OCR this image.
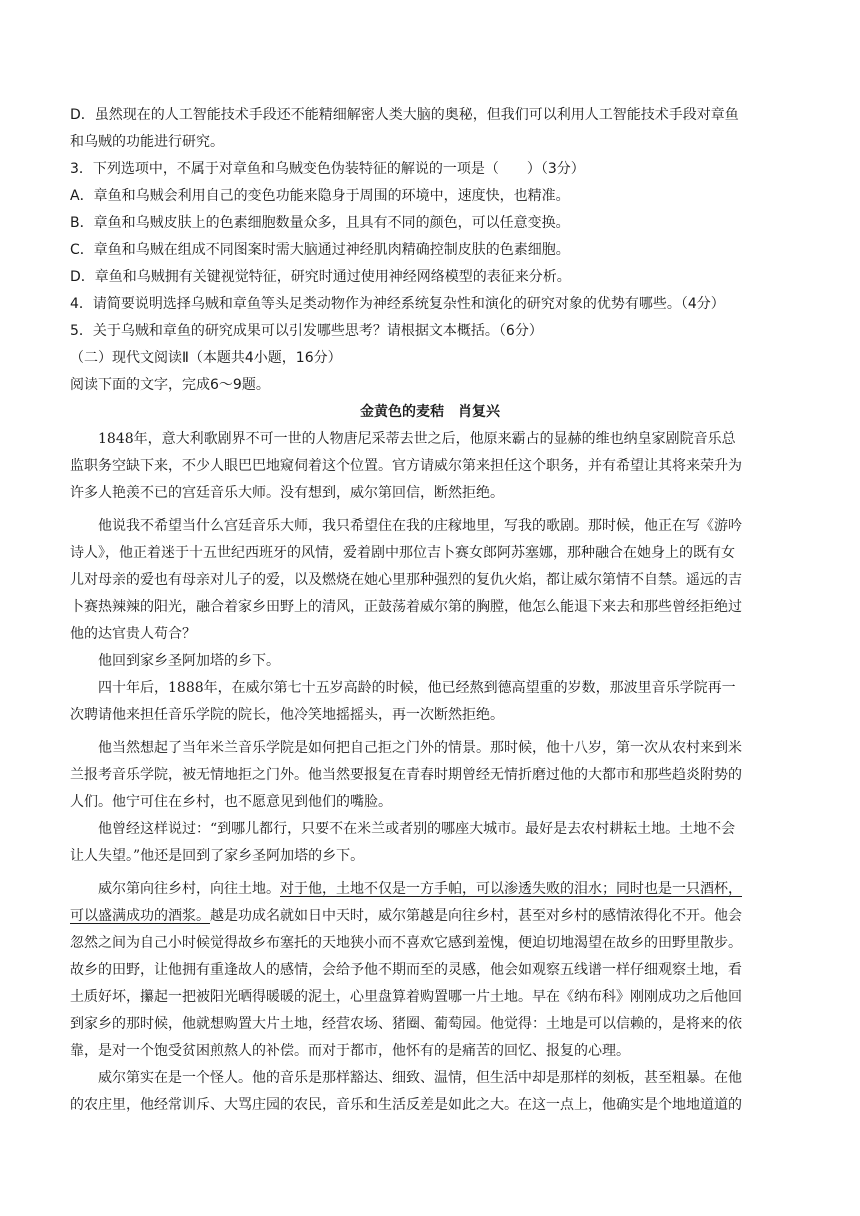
D．虽然现在的人工智能技术手段还不能精细解密人类大脑的奥秘，但我们可以利用人工智能技术手段对章鱼
和乌贼的功能进行研究。
3．下列选项中，不属于对章鱼和乌贼变色伪装特征的解说的一项是（　　）（3分）
A．章鱼和乌贼会利用自己的变色功能来隐身于周围的环境中，速度快，也精准。
B．章鱼和乌贼皮肤上的色素细胞数量众多，且具有不同的颜色，可以任意变换。
C．章鱼和乌贼在组成不同图案时需大脑通过神经肌肉精确控制皮肤的色素细胞。
D．章鱼和乌贼拥有关键视觉特征，研究时通过使用神经网络模型的表征来分析。
4．请简要说明选择乌贼和章鱼等头足类动物作为神经系统复杂性和演化的研究对象的优势有哪些。（4分）
5．关于乌贼和章鱼的研究成果可以引发哪些思考？请根据文本概括。（6分）
（二）现代文阅读Ⅱ（本题共4小题，16分）
阅读下面的文字，完成6～9题。
金黄色的麦秸　肖复兴
1848年，意大利歌剧界不可一世的人物唐尼采蒂去世之后，他原来霸占的显赫的维也纳皇家剧院音乐总
监职务空缺下来，不少人眼巴巴地窥伺着这个位置。官方请威尔第来担任这个职务，并有希望让其将来荣升为
许多人艳羡不已的宫廷音乐大师。没有想到，威尔第回信，断然拒绝。
他说我不希望当什么宫廷音乐大师，我只希望住在我的庄稼地里，写我的歌剧。那时候，他正在写《游吟
诗人》，他正着迷于十五世纪西班牙的风情，爱着剧中那位吉卜赛女郎阿苏塞娜，那种融合在她身上的既有女
儿对母亲的爱也有母亲对儿子的爱，以及燃烧在她心里那种强烈的复仇火焰，都让威尔第情不自禁。遥远的吉
卜赛热辣辣的阳光，融合着家乡田野上的清风，正鼓荡着威尔第的胸膛，他怎么能退下来去和那些曾经拒绝过
他的达官贵人苟合？
他回到家乡圣阿加塔的乡下。
四十年后，1888年，在威尔第七十五岁高龄的时候，他已经熬到德高望重的岁数，那波里音乐学院再一
次聘请他来担任音乐学院的院长，他冷笑地摇摇头，再一次断然拒绝。
他当然想起了当年米兰音乐学院是如何把自己拒之门外的情景。那时候，他十八岁，第一次从农村来到米
兰报考音乐学院，被无情地拒之门外。他当然要报复在青春时期曾经无情折磨过他的大都市和那些趋炎附势的
人们。他宁可住在乡村，也不愿意见到他们的嘴脸。
他曾经这样说过：“到哪儿都行，只要不在米兰或者别的哪座大城市。最好是去农村耕耘土地。土地不会
让人失望。”他还是回到了家乡圣阿加塔的乡下。
威尔第向往乡村，向往土地。对于他，土地不仅是一方手帕，可以渗透失败的泪水；同时也是一只酒杯，
可以盛满成功的酒浆。越是功成名就如日中天时，威尔第越是向往乡村，甚至对乡村的感情浓得化不开。他会
忽然之间为自己小时候觉得故乡布塞托的天地狭小而不喜欢它感到羞愧，便迫切地渴望在故乡的田野里散步。
故乡的田野，让他拥有重逢故人的感情，会给予他不期而至的灵感，他会如观察五线谱一样仔细观察土地，看
土质好坏，攥起一把被阳光晒得暖暖的泥土，心里盘算着购置哪一片土地。早在《纳布科》刚刚成功之后他回
到家乡的那时候，他就想购置大片土地，经营农场、猪圈、葡萄园。他觉得：土地是可以信赖的，是将来的依
靠，是对一个饱受贫困煎熬人的补偿。而对于都市，他怀有的是痛苦的回忆、报复的心理。
威尔第实在是一个怪人。他的音乐是那样豁达、细致、温情，但生活中却是那样的刻板，甚至粗暴。在他
的农庄里，他经常训斥、大骂庄园的农民，音乐和生活反差是如此之大。在这一点上，他确实是个地地道道的
